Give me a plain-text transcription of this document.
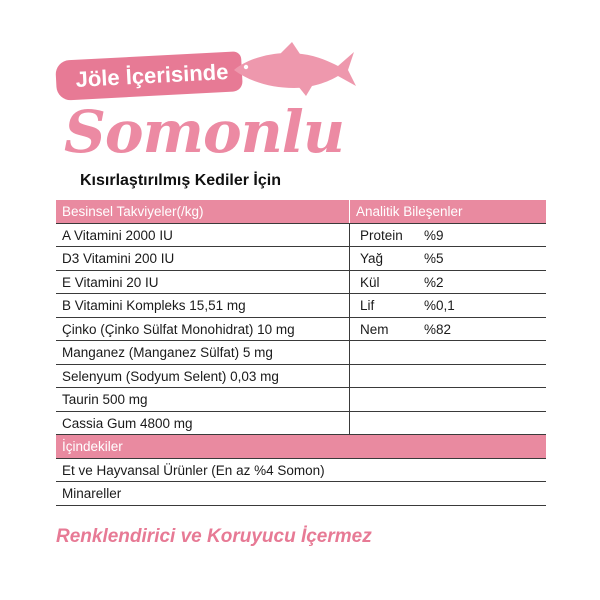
Jöle İçerisinde
Somonlu
Kısırlaştırılmış Kediler İçin
Besinsel Takviyeler(/kg)	Analitik Bileşenler
A Vitamini 2000 IU	Protein	%9
D3 Vitamini 200 IU	Yağ	%5
E Vitamini 20 IU	Kül	%2
B Vitamini Kompleks 15,51 mg	Lif	%0,1
Çinko (Çinko Sülfat Monohidrat) 10 mg	Nem	%82
Manganez (Manganez Sülfat) 5 mg
Selenyum (Sodyum Selent) 0,03 mg
Taurin 500 mg
Cassia Gum 4800 mg
İçindekiler
Et ve Hayvansal Ürünler (En az %4 Somon)
Minareller
Renklendirici ve Koruyucu İçermez
